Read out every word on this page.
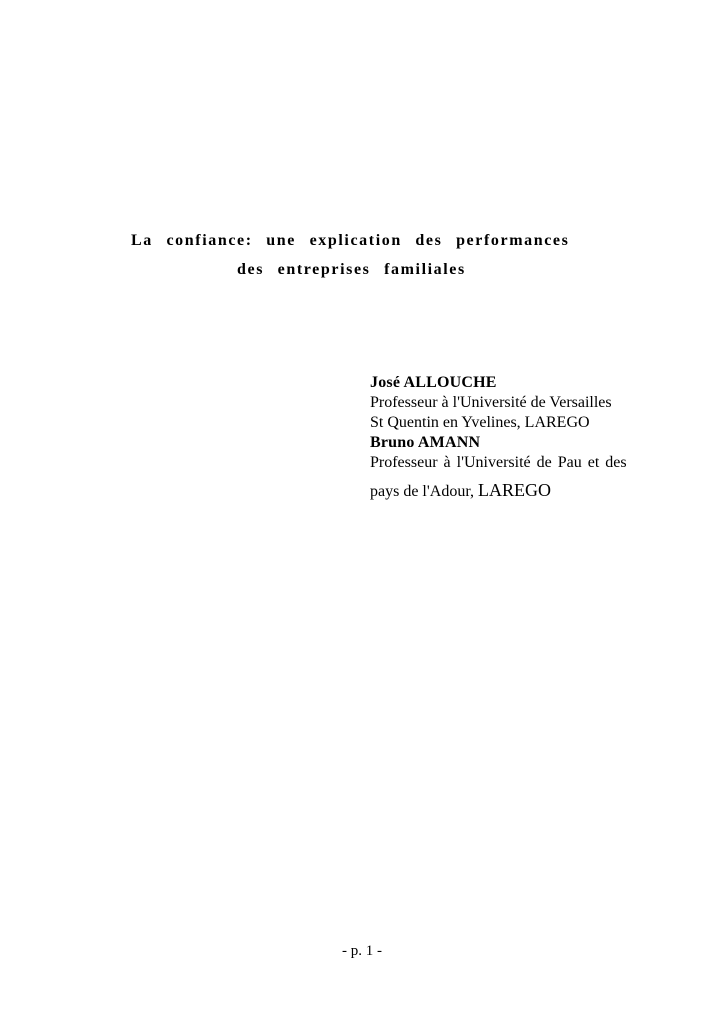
La confiance: une explication des performances
des entreprises familiales
José ALLOUCHE
Professeur à l'Université de Versailles
St Quentin en Yvelines, LAREGO
Bruno AMANN
Professeur à l'Université de Pau et des
pays de l'Adour, LAREGO
- p. 1 -
